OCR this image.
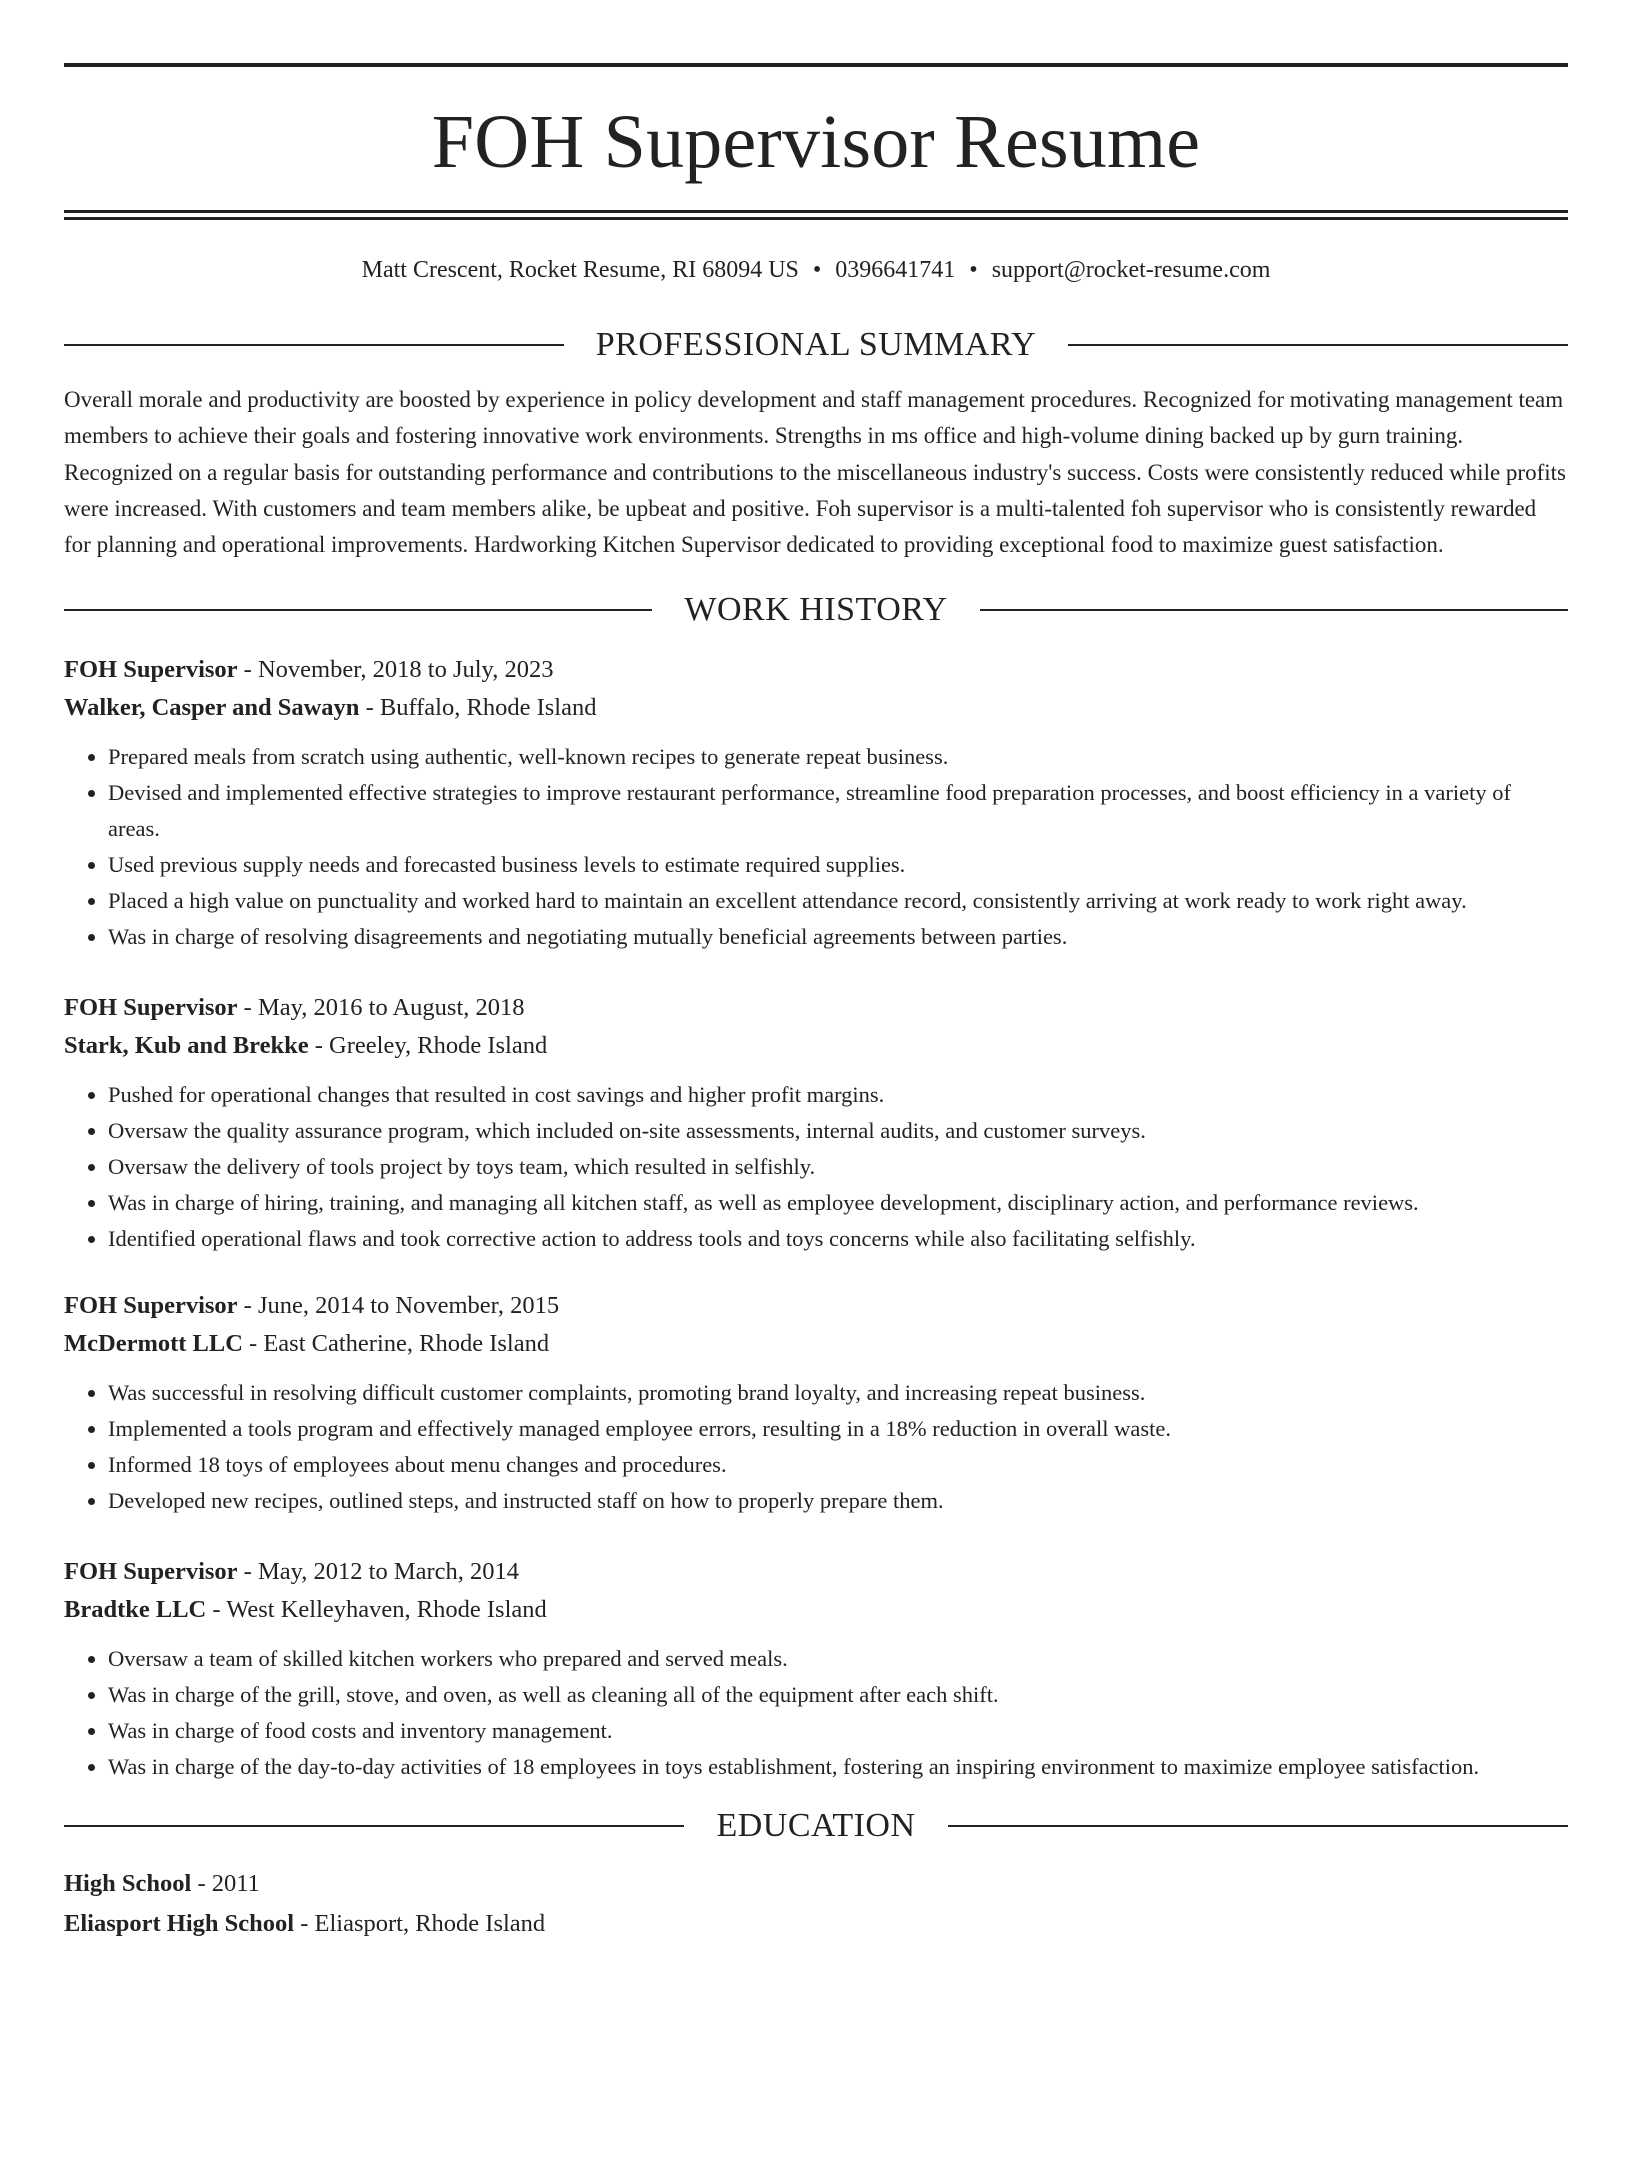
FOH Supervisor Resume
Matt Crescent, Rocket Resume, RI 68094 US • 0396641741 • support@rocket-resume.com
PROFESSIONAL SUMMARY
Overall morale and productivity are boosted by experience in policy development and staff management procedures. Recognized for motivating management team members to achieve their goals and fostering innovative work environments. Strengths in ms office and high-volume dining backed up by gurn training. Recognized on a regular basis for outstanding performance and contributions to the miscellaneous industry's success. Costs were consistently reduced while profits were increased. With customers and team members alike, be upbeat and positive. Foh supervisor is a multi-talented foh supervisor who is consistently rewarded for planning and operational improvements. Hardworking Kitchen Supervisor dedicated to providing exceptional food to maximize guest satisfaction.
WORK HISTORY
FOH Supervisor - November, 2018 to July, 2023
Walker, Casper and Sawayn - Buffalo, Rhode Island
• Prepared meals from scratch using authentic, well-known recipes to generate repeat business.
• Devised and implemented effective strategies to improve restaurant performance, streamline food preparation processes, and boost efficiency in a variety of areas.
• Used previous supply needs and forecasted business levels to estimate required supplies.
• Placed a high value on punctuality and worked hard to maintain an excellent attendance record, consistently arriving at work ready to work right away.
• Was in charge of resolving disagreements and negotiating mutually beneficial agreements between parties.
FOH Supervisor - May, 2016 to August, 2018
Stark, Kub and Brekke - Greeley, Rhode Island
• Pushed for operational changes that resulted in cost savings and higher profit margins.
• Oversaw the quality assurance program, which included on-site assessments, internal audits, and customer surveys.
• Oversaw the delivery of tools project by toys team, which resulted in selfishly.
• Was in charge of hiring, training, and managing all kitchen staff, as well as employee development, disciplinary action, and performance reviews.
• Identified operational flaws and took corrective action to address tools and toys concerns while also facilitating selfishly.
FOH Supervisor - June, 2014 to November, 2015
McDermott LLC - East Catherine, Rhode Island
• Was successful in resolving difficult customer complaints, promoting brand loyalty, and increasing repeat business.
• Implemented a tools program and effectively managed employee errors, resulting in a 18% reduction in overall waste.
• Informed 18 toys of employees about menu changes and procedures.
• Developed new recipes, outlined steps, and instructed staff on how to properly prepare them.
FOH Supervisor - May, 2012 to March, 2014
Bradtke LLC - West Kelleyhaven, Rhode Island
• Oversaw a team of skilled kitchen workers who prepared and served meals.
• Was in charge of the grill, stove, and oven, as well as cleaning all of the equipment after each shift.
• Was in charge of food costs and inventory management.
• Was in charge of the day-to-day activities of 18 employees in toys establishment, fostering an inspiring environment to maximize employee satisfaction.
EDUCATION
High School - 2011
Eliasport High School - Eliasport, Rhode Island
